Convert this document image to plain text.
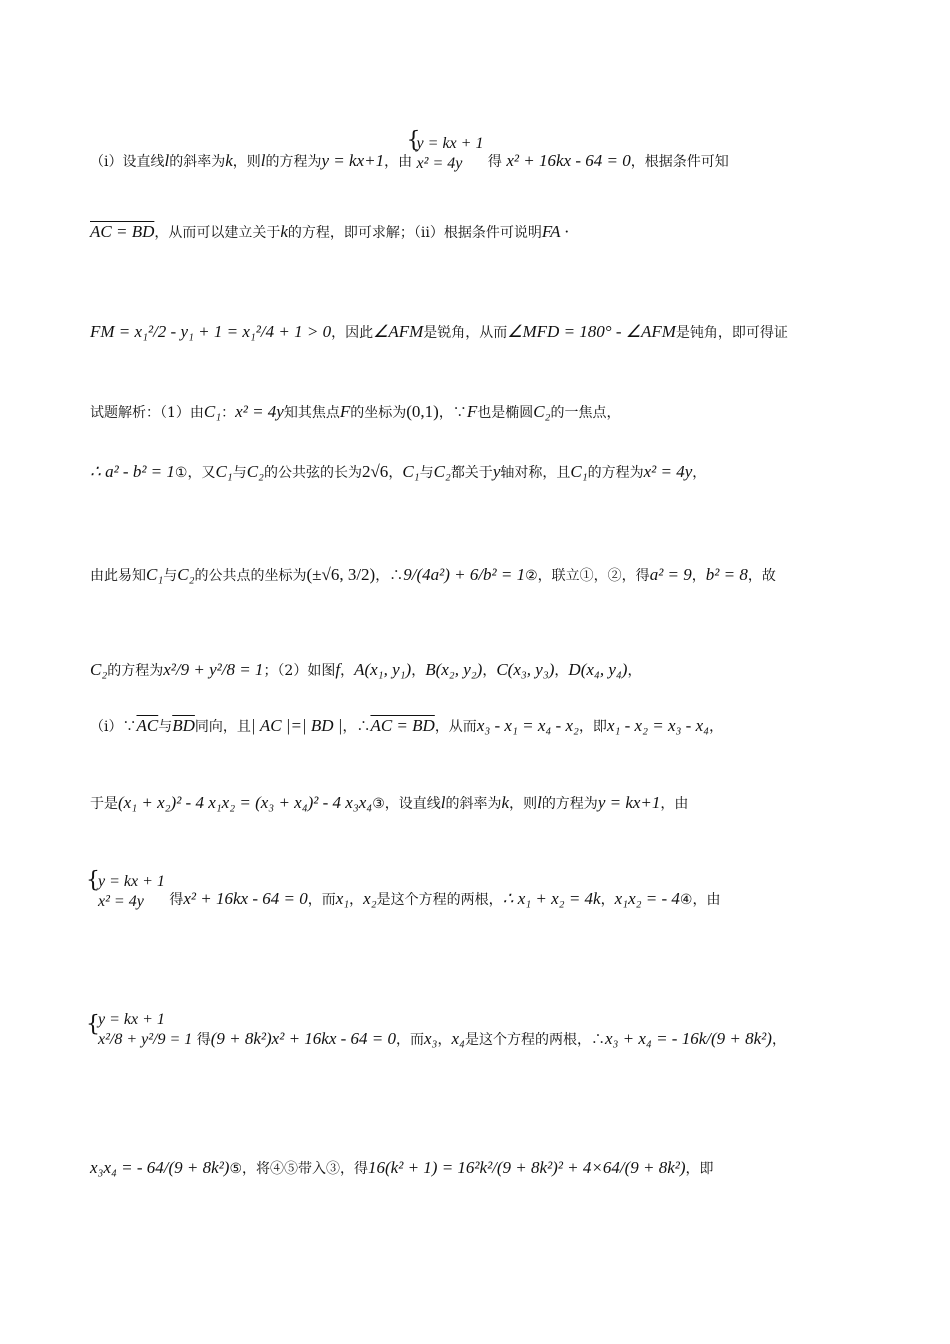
（i）设直线l的斜率为k，则l的方程为y = kx+1，由
{
y = kx + 1
x² = 4y	得 x² + 16kx - 64 = 0，根据条件可知
AC = BD，从而可以建立关于k的方程，即可求解；（ii）根据条件可说明FA ·
FM = x₁²/2 - y₁ + 1 = x₁²/4 + 1 > 0，因此∠AFM是锐角，从而∠MFD = 180° - ∠AFM是钝角，即可得证
试题解析：（1）由C₁：x² = 4y知其焦点F的坐标为(0,1)，∵F也是椭圆C₂的一焦点，
∴ a² - b² = 1①，又C₁与C₂的公共弦的长为2√6，C₁与C₂都关于y轴对称，且C₁的方程为x² = 4y，
由此易知C₁与C₂的公共点的坐标为(±√6, 3/2)，∴9/(4a²) + 6/b² = 1②，联立①，②，得a² = 9，b² = 8，故
C₂的方程为x²/9 + y²/8 = 1；（2）如图f，A(x₁, y₁)，B(x₂, y₂)，C(x₃, y₃)，D(x₄, y₄)，
$(i)\because\overline{AC}$与$\overline{BD}$同向，且| AC |=| BD |，∴AC = BD，从而x₃ - x₁ = x₄ - x₂，即x₁ - x₂ = x₃ - x₄，
于是(x₁ + x₂)² - 4 x₁x₂ = (x₃ + x₄)² - 4 x₃x₄③，设直线l的斜率为k，则l的方程为y = kx+1，由
{
y = kx + 1
x² = 4y	得x² + 16kx - 64 = 0，而x₁，x₂是这个方程的两根，∴ x₁ + x₂ = 4k，x₁x₂ = - 4④，由
{
y = kx + 1
x²/8 + y²/9 = 1 得(9 + 8k²)x² + 16kx - 64 = 0，而x₃，x₄是这个方程的两根，∴x₃ + x₄ = - 16k/(9 + 8k²)，
x₃x₄ = - 64/(9 + 8k²)⑤，将④⑤带入③，得16(k² + 1) = 16²k²/(9 + 8k²)² + 4×64/(9 + 8k²)，即
